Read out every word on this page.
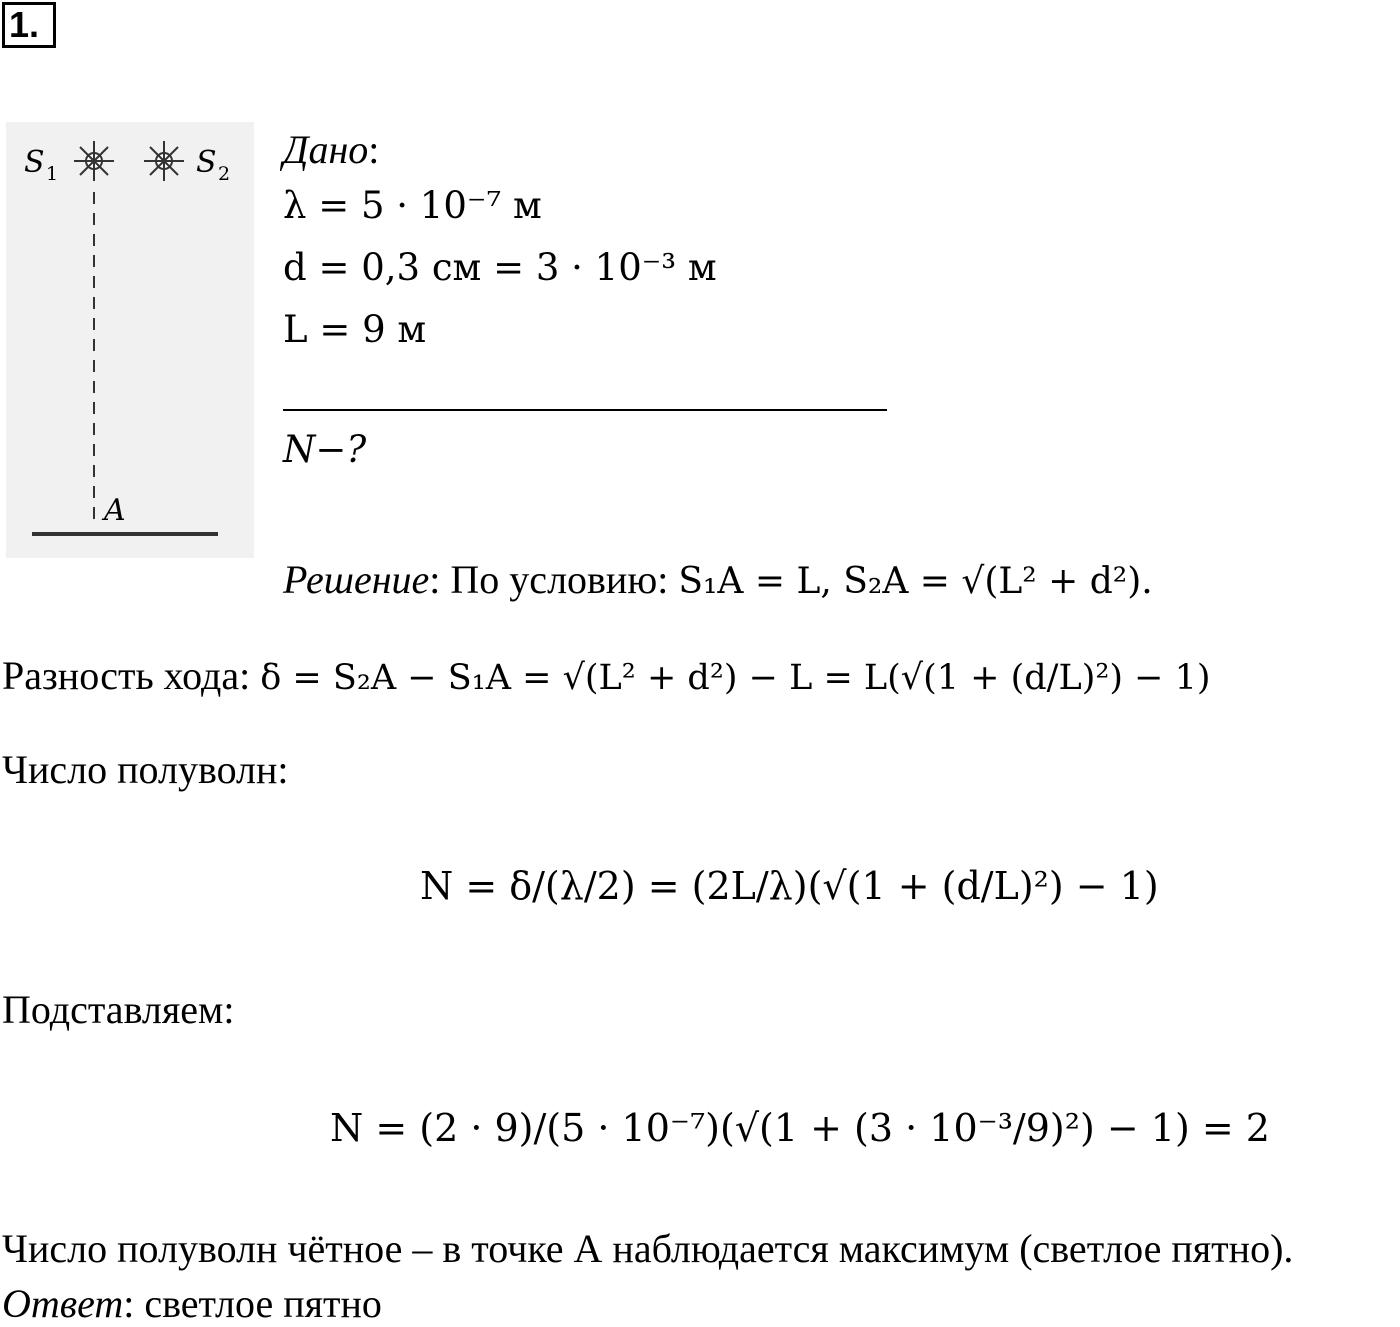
1.
S 1	S 2
A
Дано:
λ = 5 · 10⁻⁷ м
d = 0,3 см = 3 · 10⁻³ м
L = 9 м
N−?
Решение: По условию: S₁A = L, S₂A = √(L² + d²).
Разность хода: δ = S₂A − S₁A = √(L² + d²) − L = L(√(1 + (d/L)²) − 1)
Число полуволн:
N = δ/(λ/2) = (2L/λ)(√(1 + (d/L)²) − 1)
Подставляем:
N = (2 · 9)/(5 · 10⁻⁷)(√(1 + (3 · 10⁻³/9)²) − 1) = 2
Число полуволн чётное – в точке А наблюдается максимум (светлое пятно).
Ответ: светлое пятно
